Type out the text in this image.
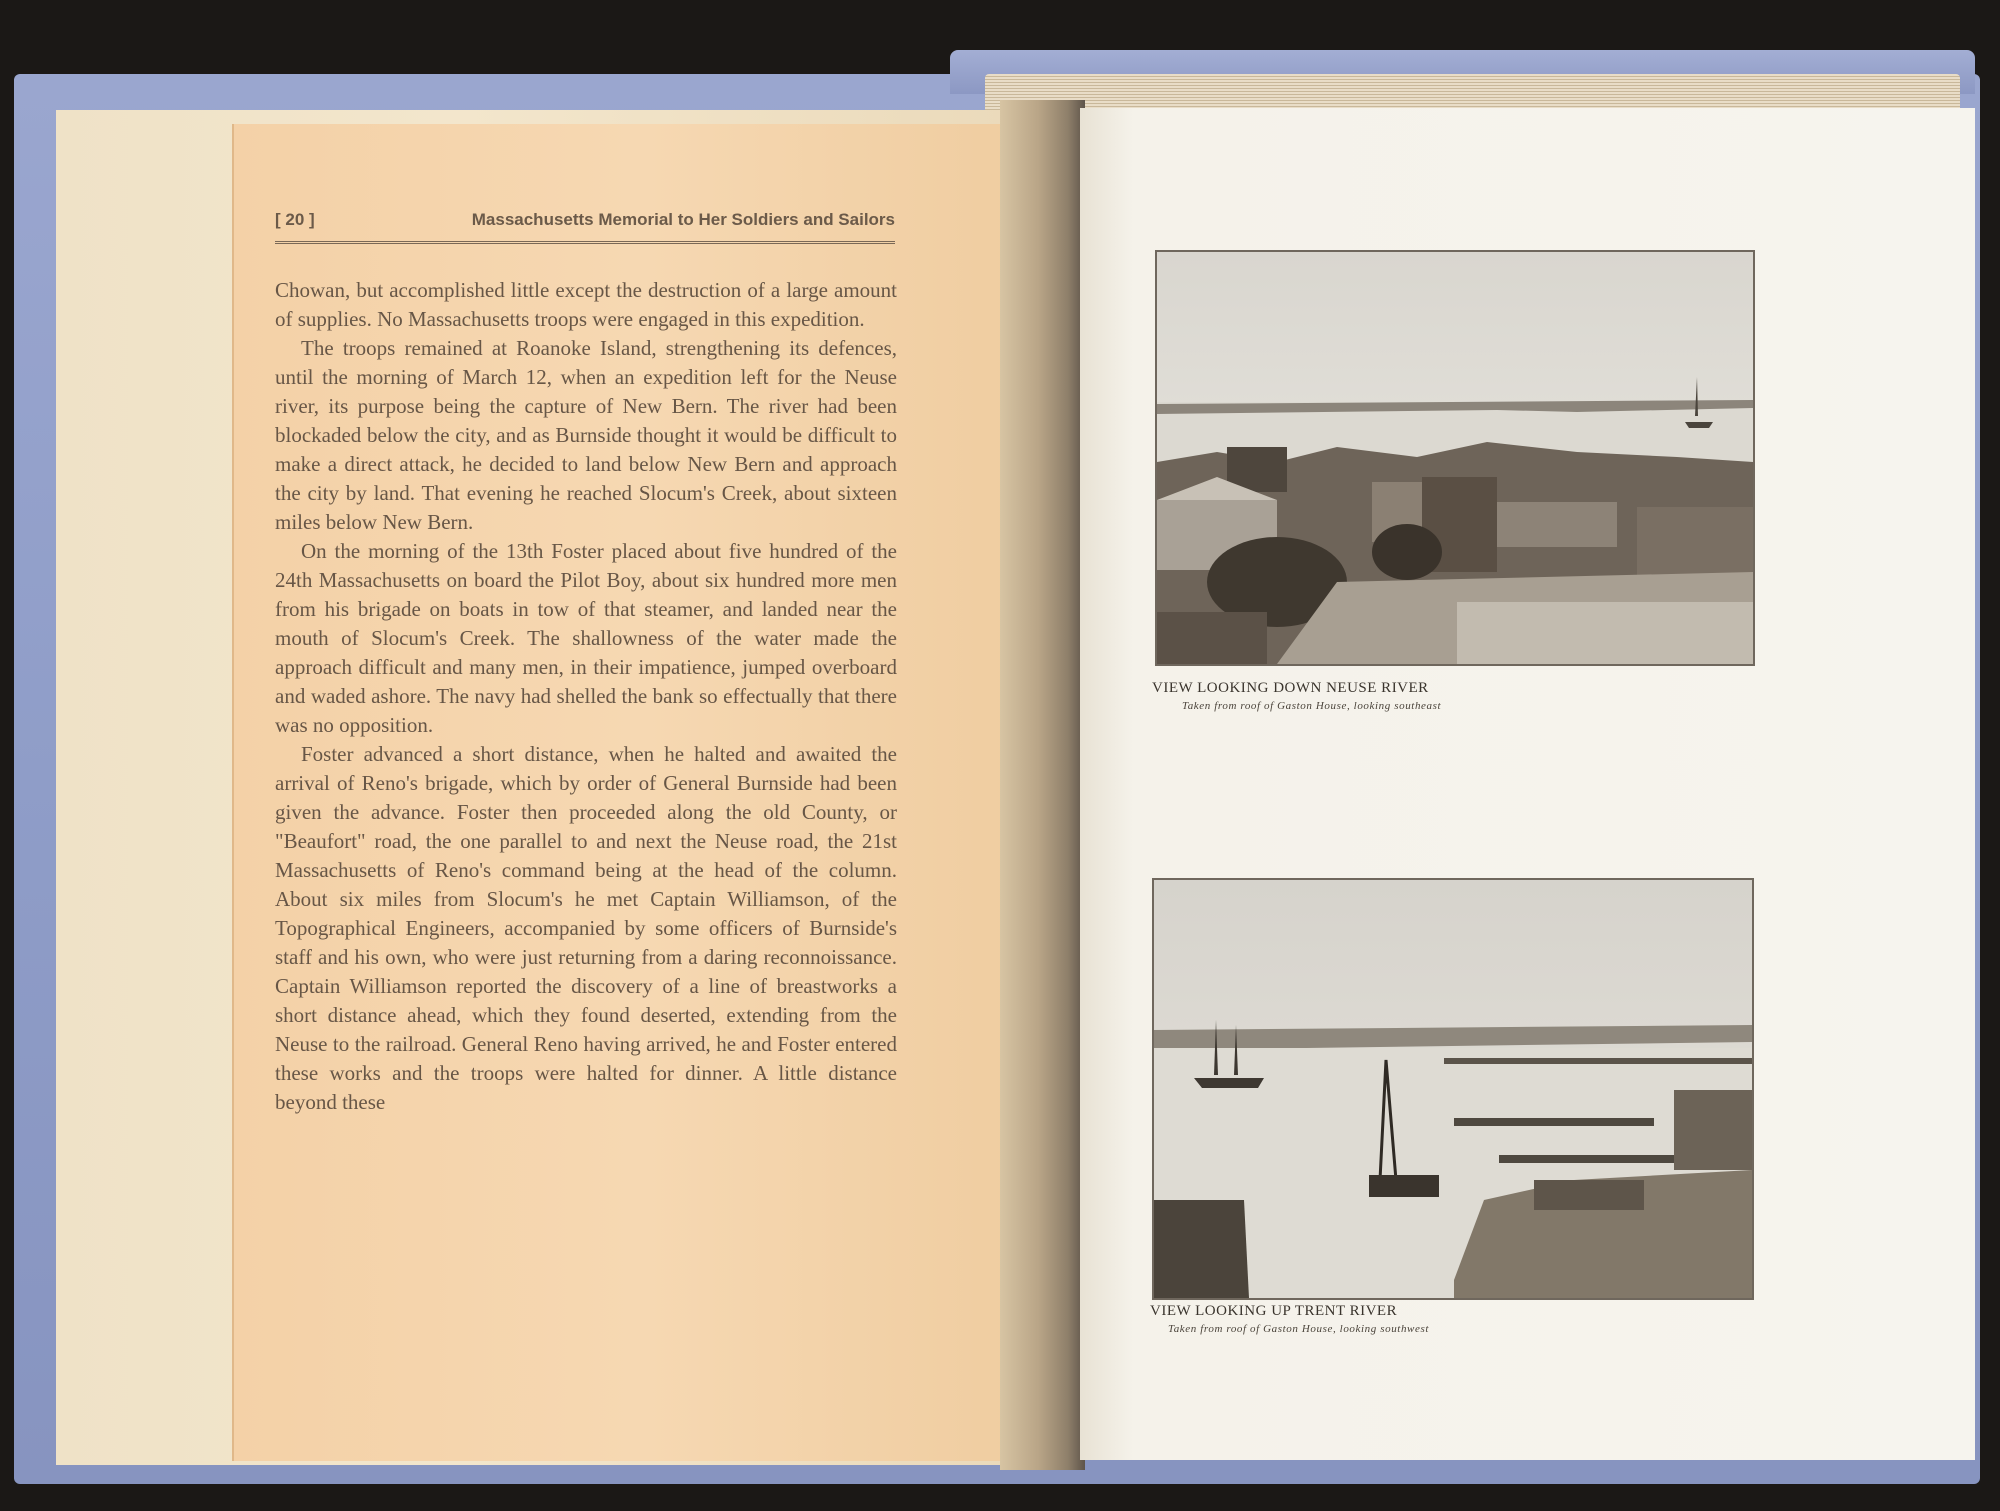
[ 20 ]	Massachusetts Memorial to Her Soldiers and Sailors

Chowan, but accomplished little except the destruction of a large amount of supplies. No Massachusetts troops were engaged in this expedition.

The troops remained at Roanoke Island, strengthening its defences, until the morning of March 12, when an expedition left for the Neuse river, its purpose being the capture of New Bern. The river had been blockaded below the city, and as Burnside thought it would be difficult to make a direct attack, he decided to land below New Bern and approach the city by land. That evening he reached Slocum's Creek, about sixteen miles below New Bern.

On the morning of the 13th Foster placed about five hundred of the 24th Massachusetts on board the Pilot Boy, about six hundred more men from his brigade on boats in tow of that steamer, and landed near the mouth of Slocum's Creek. The shallowness of the water made the approach difficult and many men, in their impatience, jumped overboard and waded ashore. The navy had shelled the bank so effectually that there was no opposition.

Foster advanced a short distance, when he halted and awaited the arrival of Reno's brigade, which by order of General Burnside had been given the advance. Foster then proceeded along the old County, or "Beaufort" road, the one parallel to and next the Neuse road, the 21st Massachusetts of Reno's command being at the head of the column. About six miles from Slocum's he met Captain Williamson, of the Topographical Engineers, accompanied by some officers of Burnside's staff and his own, who were just returning from a daring reconnoissance. Captain Williamson reported the discovery of a line of breastworks a short distance ahead, which they found deserted, extending from the Neuse to the railroad. General Reno having arrived, he and Foster entered these works and the troops were halted for dinner. A little distance beyond these

VIEW LOOKING DOWN NEUSE RIVER
Taken from roof of Gaston House, looking southeast
VIEW LOOKING UP TRENT RIVER
Taken from roof of Gaston House, looking southwest
